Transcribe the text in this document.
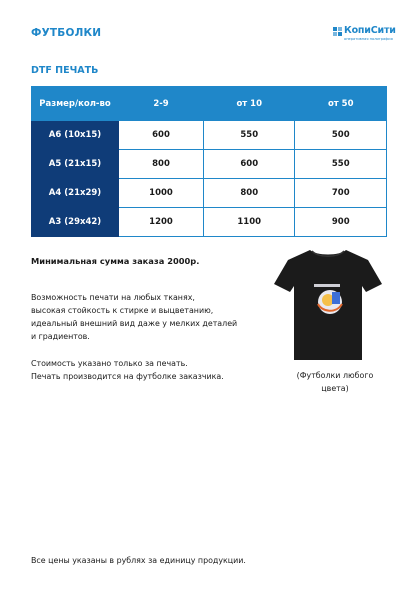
ФУТБОЛКИ	КопиСити
оперативная полиграфия
DTF ПЕЧАТЬ
Размер/кол-во	2-9	от 10	от 50
А6 (10x15)	600	550	500
А5 (21x15)	800	600	550
А4 (21x29)	1000	800	700
А3 (29x42)	1200	1100	900
Минимальная сумма заказа 2000р.
Возможность печати на любых тканях,
высокая стойкость к стирке и выцветанию,
идеальный внешний вид даже у мелких деталей
и градиентов.
Стоимость указано только за печать.
Печать производится на футболке заказчика.	(Футболки любого
цвета)
Все цены указаны в рублях за единицу продукции.
